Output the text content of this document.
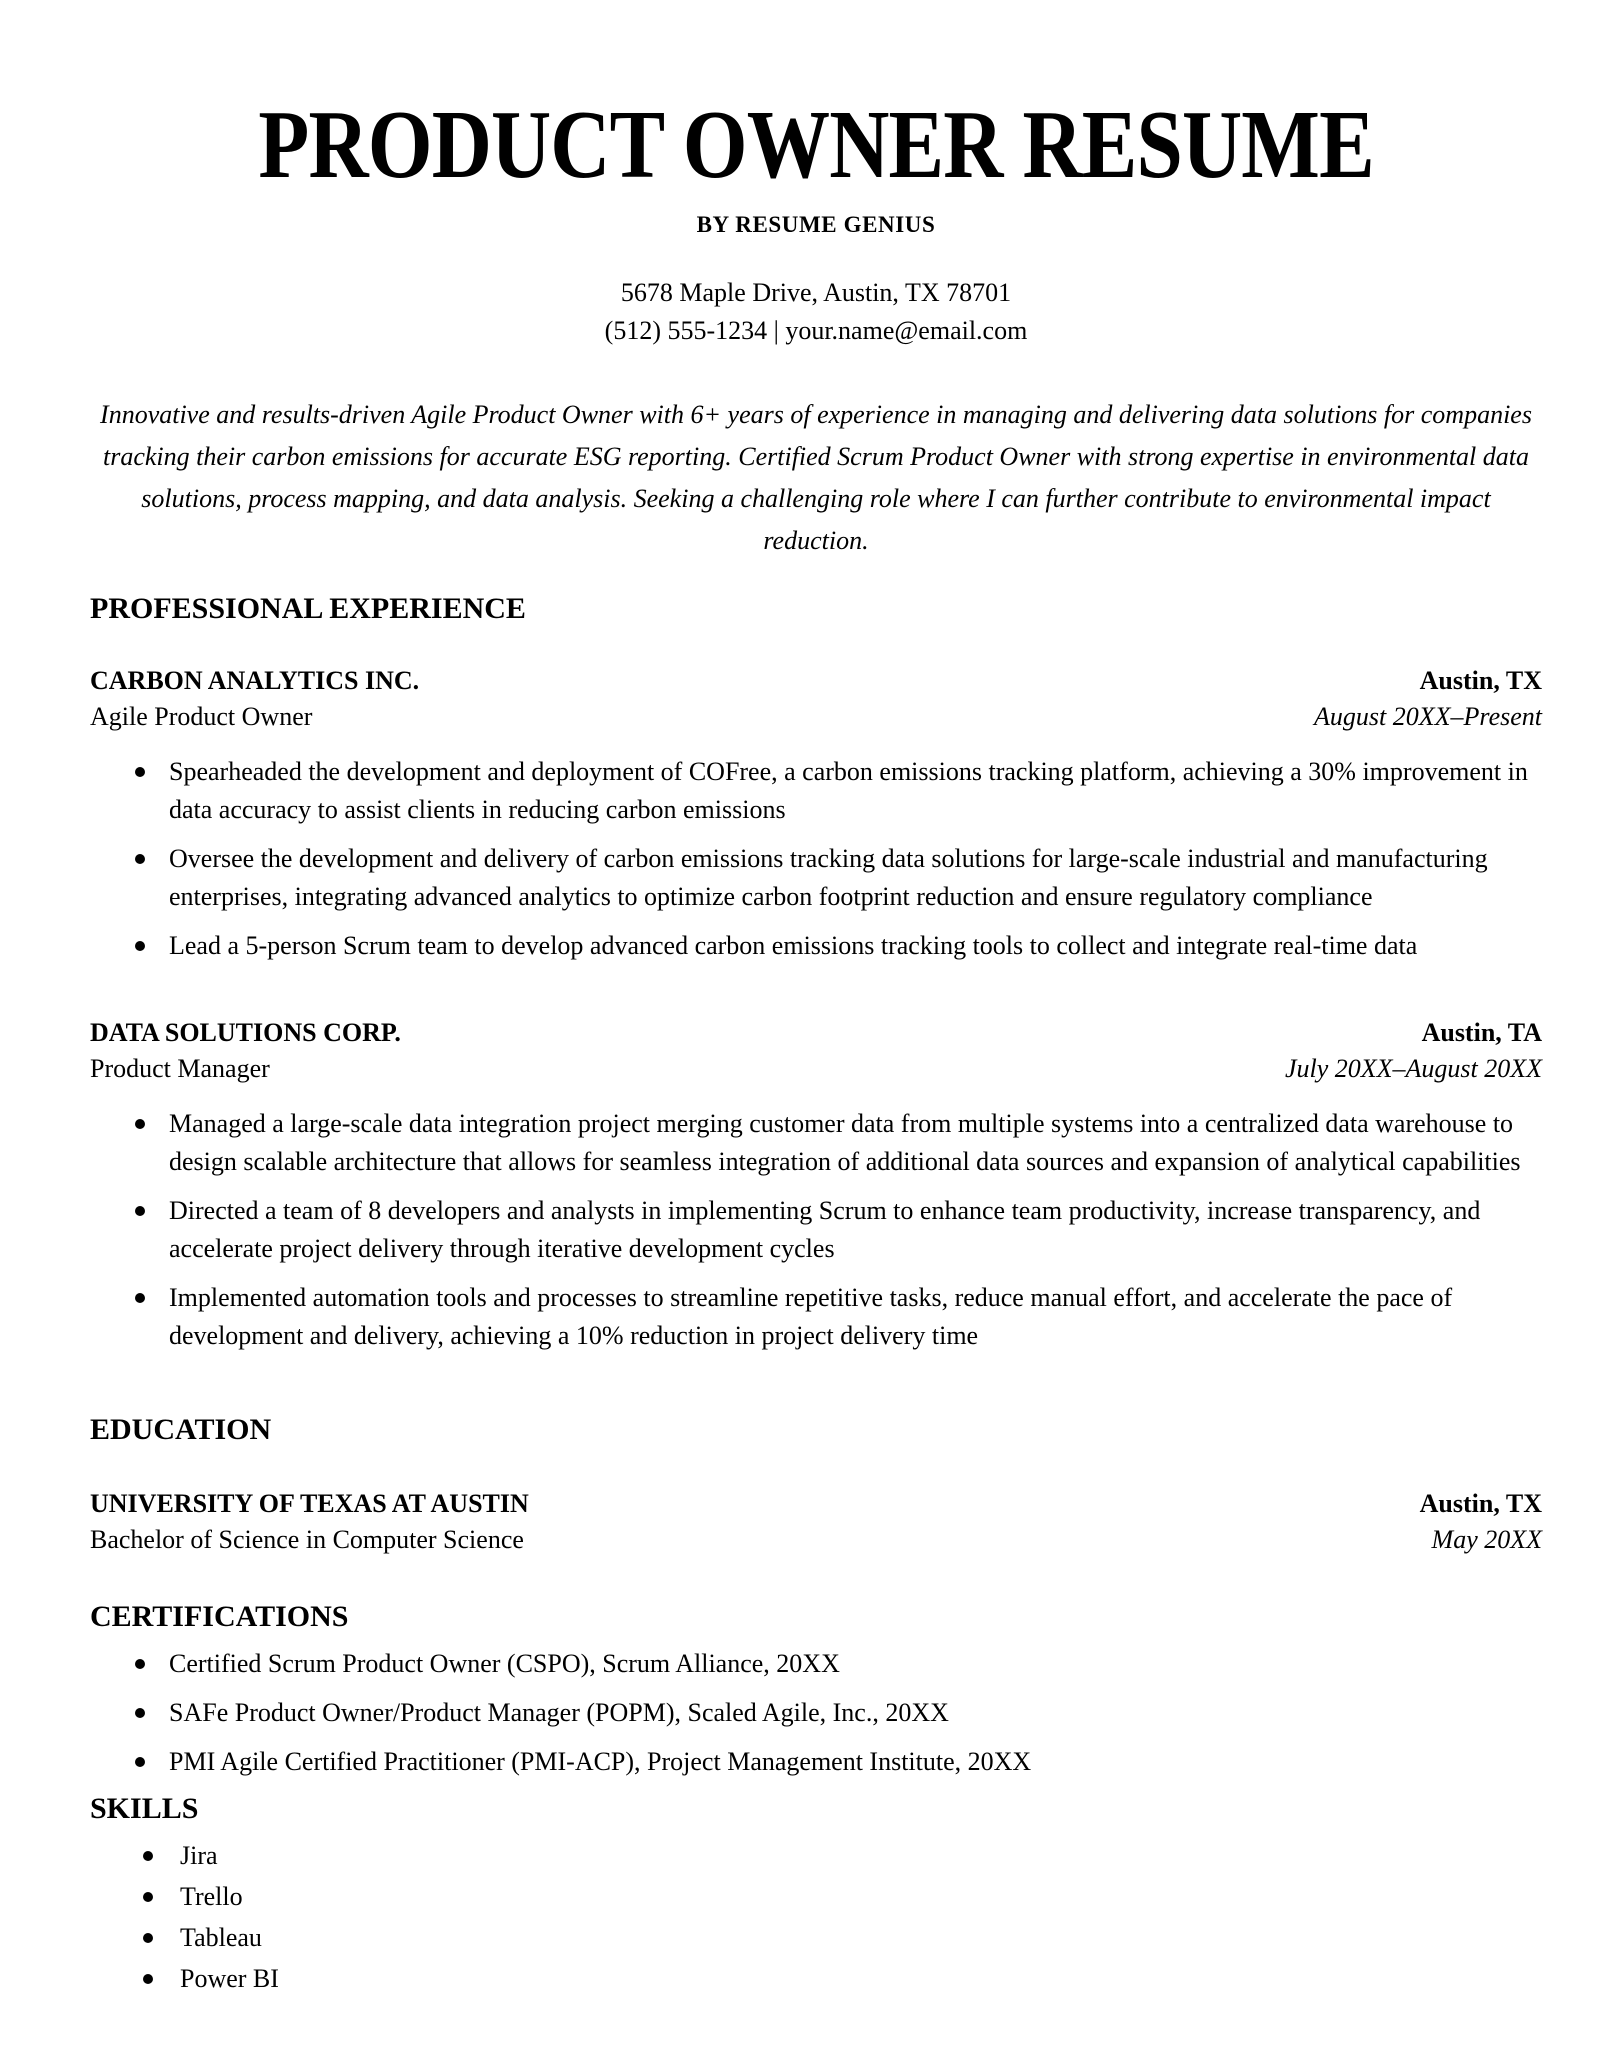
PRODUCT OWNER RESUME
BY RESUME GENIUS
5678 Maple Drive, Austin, TX 78701
(512) 555-1234 | your.name@email.com

Innovative and results-driven Agile Product Owner with 6+ years of experience in managing and delivering data solutions for companies tracking their carbon emissions for accurate ESG reporting. Certified Scrum Product Owner with strong expertise in environmental data solutions, process mapping, and data analysis. Seeking a challenging role where I can further contribute to environmental impact reduction.

PROFESSIONAL EXPERIENCE
CARBON ANALYTICS INC.	Austin, TX
Agile Product Owner	August 20XX–Present
Spearheaded the development and deployment of COFree, a carbon emissions tracking platform, achieving a 30% improvement in data accuracy to assist clients in reducing carbon emissions
Oversee the development and delivery of carbon emissions tracking data solutions for large-scale industrial and manufacturing enterprises, integrating advanced analytics to optimize carbon footprint reduction and ensure regulatory compliance
Lead a 5-person Scrum team to develop advanced carbon emissions tracking tools to collect and integrate real-time data
DATA SOLUTIONS CORP.	Austin, TA
Product Manager	July 20XX–August 20XX
Managed a large-scale data integration project merging customer data from multiple systems into a centralized data warehouse to design scalable architecture that allows for seamless integration of additional data sources and expansion of analytical capabilities
Directed a team of 8 developers and analysts in implementing Scrum to enhance team productivity, increase transparency, and accelerate project delivery through iterative development cycles
Implemented automation tools and processes to streamline repetitive tasks, reduce manual effort, and accelerate the pace of development and delivery, achieving a 10% reduction in project delivery time
EDUCATION
UNIVERSITY OF TEXAS AT AUSTIN	Austin, TX
Bachelor of Science in Computer Science	May 20XX
CERTIFICATIONS
Certified Scrum Product Owner (CSPO), Scrum Alliance, 20XX
SAFe Product Owner/Product Manager (POPM), Scaled Agile, Inc., 20XX
PMI Agile Certified Practitioner (PMI-ACP), Project Management Institute, 20XX
SKILLS
Jira
Trello
Tableau
Power BI
